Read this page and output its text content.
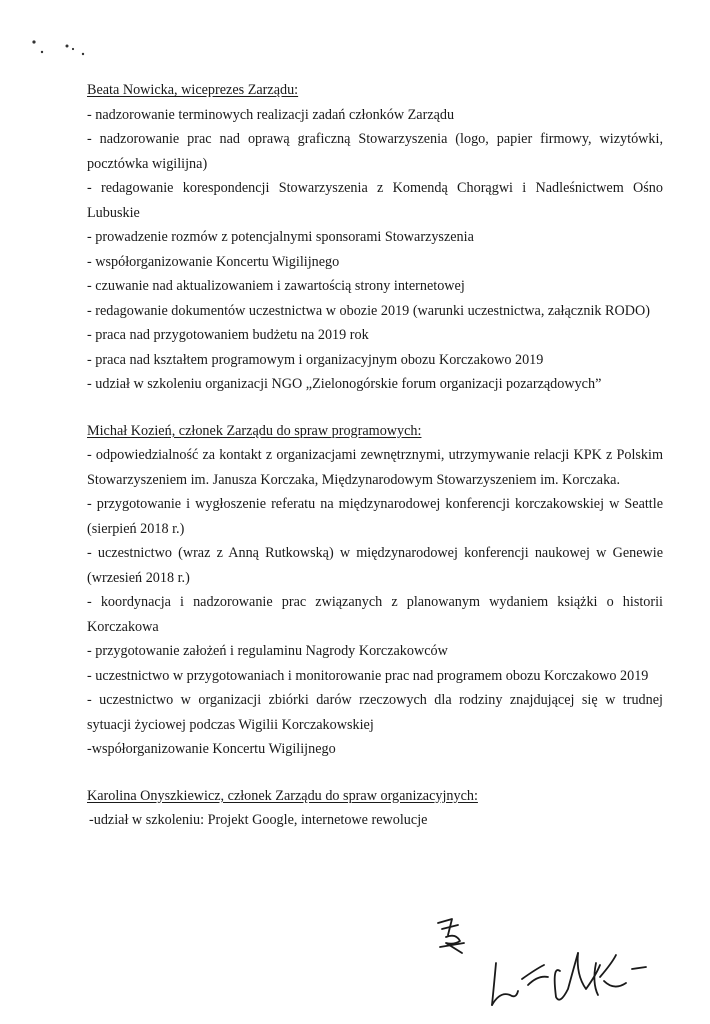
Beata Nowicka, wiceprezes Zarządu:

- nadzorowanie terminowych realizacji zadań członków Zarządu

- nadzorowanie prac nad oprawą graficzną Stowarzyszenia (logo, papier firmowy, wizytówki, pocztówka wigilijna)

- redagowanie korespondencji Stowarzyszenia z Komendą Chorągwi i Nadleśnictwem Ośno Lubuskie

- prowadzenie rozmów z potencjalnymi sponsorami Stowarzyszenia

- współorganizowanie Koncertu Wigilijnego

- czuwanie nad aktualizowaniem i zawartością strony internetowej

- redagowanie dokumentów uczestnictwa w obozie 2019 (warunki uczestnictwa, załącznik RODO)

- praca nad przygotowaniem budżetu na 2019 rok

- praca nad kształtem programowym i organizacyjnym obozu Korczakowo 2019

- udział w szkoleniu organizacji NGO „Zielonogórskie forum organizacji pozarządowych”

Michał Kozień, członek Zarządu do spraw programowych:

- odpowiedzialność za kontakt z organizacjami zewnętrznymi, utrzymywanie relacji KPK z Polskim Stowarzyszeniem im. Janusza Korczaka, Międzynarodowym Stowarzyszeniem im. Korczaka.

- przygotowanie i wygłoszenie referatu na międzynarodowej konferencji korczakowskiej w Seattle (sierpień 2018 r.)

- uczestnictwo (wraz z Anną Rutkowską) w międzynarodowej konferencji naukowej w Genewie (wrzesień 2018 r.)

- koordynacja i nadzorowanie prac związanych z planowanym wydaniem książki o historii Korczakowa

- przygotowanie założeń i regulaminu Nagrody Korczakowców

- uczestnictwo w przygotowaniach i monitorowanie prac nad programem obozu Korczakowo 2019

- uczestnictwo w organizacji zbiórki darów rzeczowych dla rodziny znajdującej się w trudnej sytuacji życiowej podczas Wigilii Korczakowskiej

-współorganizowanie Koncertu Wigilijnego

Karolina Onyszkiewicz, członek Zarządu do spraw organizacyjnych:

-udział w szkoleniu: Projekt Google, internetowe rewolucje
